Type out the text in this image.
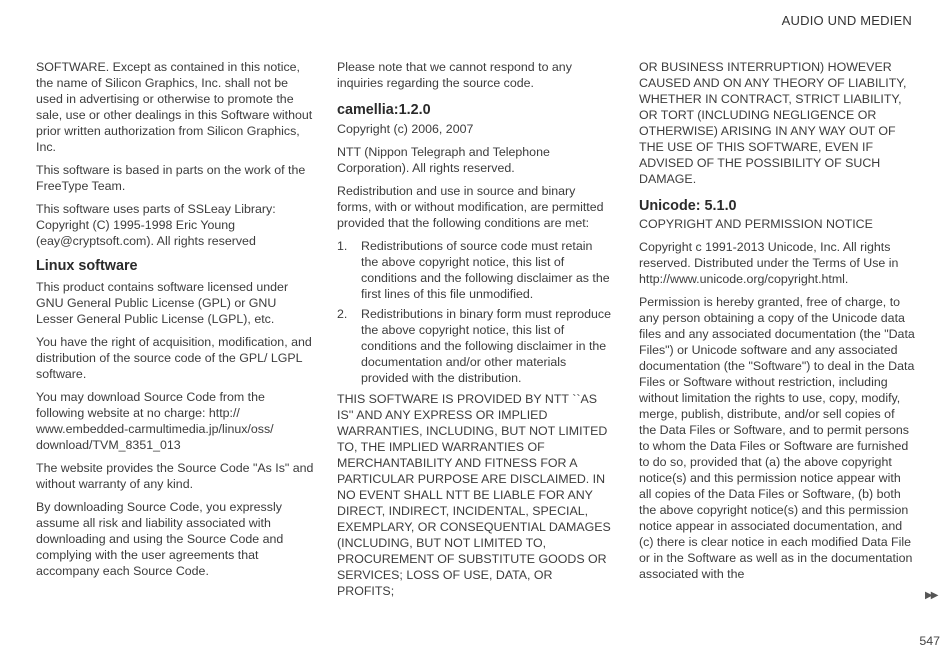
AUDIO UND MEDIEN

SOFTWARE. Except as contained in this notice, the name of Silicon Graphics, Inc. shall not be used in advertising or otherwise to promote the sale, use or other dealings in this Software without prior written authorization from Silicon Graphics, Inc.

This software is based in parts on the work of the FreeType Team.

This software uses parts of SSLeay Library: Copyright (C) 1995-1998 Eric Young (eay@cryptsoft.com). All rights reserved

Linux software

This product contains software licensed under GNU General Public License (GPL) or GNU Lesser General Public License (LGPL), etc.

You have the right of acquisition, modification, and distribution of the source code of the GPL/ LGPL software.

You may download Source Code from the following website at no charge: http:// www.embedded-carmultimedia.jp/linux/oss/ download/TVM_8351_013

The website provides the Source Code "As Is" and without warranty of any kind.

By downloading Source Code, you expressly assume all risk and liability associated with downloading and using the Source Code and complying with the user agreements that accompany each Source Code.

Please note that we cannot respond to any inquiries regarding the source code.

camellia:1.2.0

Copyright (c) 2006, 2007

NTT (Nippon Telegraph and Telephone Corporation). All rights reserved.

Redistribution and use in source and binary forms, with or without modification, are permitted provided that the following conditions are met:

1. Redistributions of source code must retain the above copyright notice, this list of conditions and the following disclaimer as the first lines of this file unmodified.
2. Redistributions in binary form must reproduce the above copyright notice, this list of conditions and the following disclaimer in the documentation and/or other materials provided with the distribution.

THIS SOFTWARE IS PROVIDED BY NTT ``AS IS'' AND ANY EXPRESS OR IMPLIED WARRANTIES, INCLUDING, BUT NOT LIMITED TO, THE IMPLIED WARRANTIES OF MERCHANTABILITY AND FITNESS FOR A PARTICULAR PURPOSE ARE DISCLAIMED. IN NO EVENT SHALL NTT BE LIABLE FOR ANY DIRECT, INDIRECT, INCIDENTAL, SPECIAL, EXEMPLARY, OR CONSEQUENTIAL DAMAGES (INCLUDING, BUT NOT LIMITED TO, PROCUREMENT OF SUBSTITUTE GOODS OR SERVICES; LOSS OF USE, DATA, OR PROFITS;

OR BUSINESS INTERRUPTION) HOWEVER CAUSED AND ON ANY THEORY OF LIABILITY, WHETHER IN CONTRACT, STRICT LIABILITY, OR TORT (INCLUDING NEGLIGENCE OR OTHERWISE) ARISING IN ANY WAY OUT OF THE USE OF THIS SOFTWARE, EVEN IF ADVISED OF THE POSSIBILITY OF SUCH DAMAGE.

Unicode: 5.1.0

COPYRIGHT AND PERMISSION NOTICE

Copyright c 1991-2013 Unicode, Inc. All rights reserved. Distributed under the Terms of Use in http://www.unicode.org/copyright.html.

Permission is hereby granted, free of charge, to any person obtaining a copy of the Unicode data files and any associated documentation (the "Data Files") or Unicode software and any associated documentation (the "Software") to deal in the Data Files or Software without restriction, including without limitation the rights to use, copy, modify, merge, publish, distribute, and/or sell copies of the Data Files or Software, and to permit persons to whom the Data Files or Software are furnished to do so, provided that (a) the above copyright notice(s) and this permission notice appear with all copies of the Data Files or Software, (b) both the above copyright notice(s) and this permission notice appear in associated documentation, and (c) there is clear notice in each modified Data File or in the Software as well as in the documentation associated with the

▶▶
547
